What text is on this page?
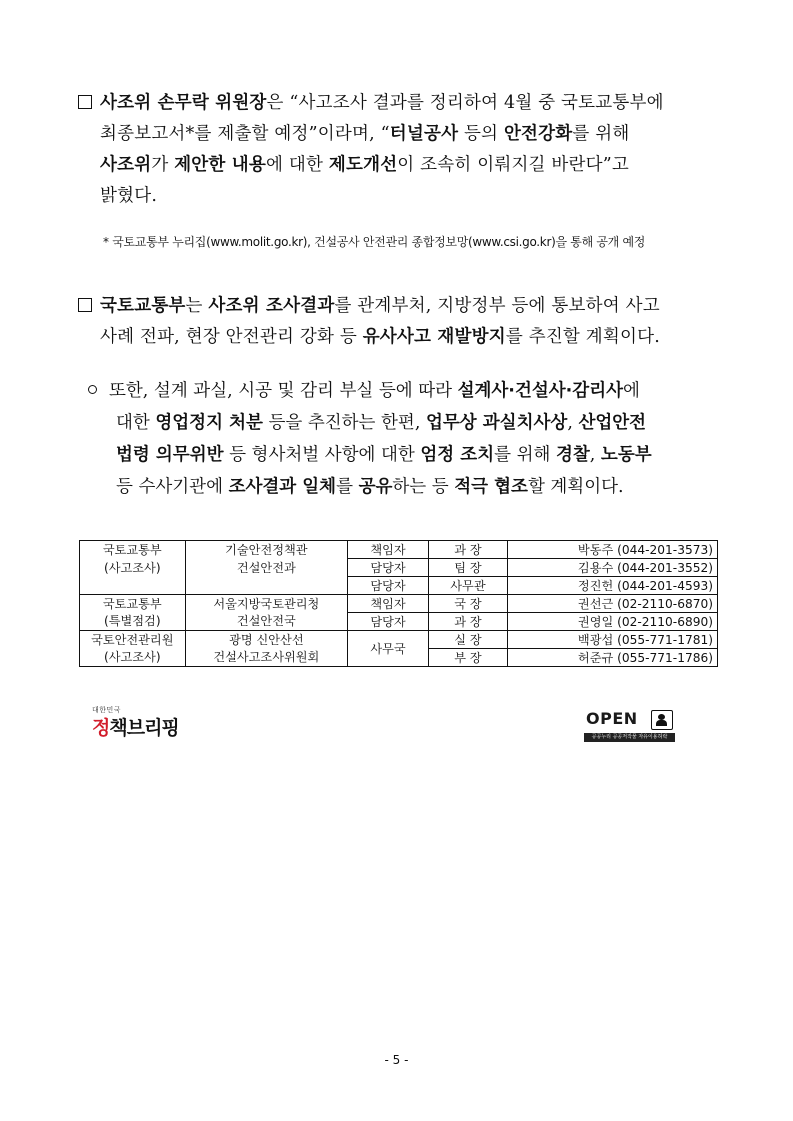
사조위 손무락 위원장은 “사고조사 결과를 정리하여 4월 중 국토교통부에
최종보고서*를 제출할 예정”이라며, “터널공사 등의 안전강화를 위해
사조위가 제안한 내용에 대한 제도개선이 조속히 이뤄지길 바란다”고
밝혔다.
* 국토교통부 누리집(www.molit.go.kr), 건설공사 안전관리 종합정보망(www.csi.go.kr)을 통해 공개 예정
국토교통부는 사조위 조사결과를 관계부처, 지방정부 등에 통보하여 사고
사례 전파, 현장 안전관리 강화 등 유사사고 재발방지를 추진할 계획이다.
또한, 설계 과실, 시공 및 감리 부실 등에 따라 설계사·건설사·감리사에
대한 영업정지 처분 등을 추진하는 한편, 업무상 과실치사상, 산업안전
법령 의무위반 등 형사처벌 사항에 대한 엄정 조치를 위해 경찰, 노동부
등 수사기관에 조사결과 일체를 공유하는 등 적극 협조할 계획이다.
국토교통부	기술안전정책관	책임자	과 장	박동주 (044-201-3573)
(사고조사)	건설안전과	담당자	팀 장	김용수 (044-201-3552)
		담당자	사무관	정진헌 (044-201-4593)
국토교통부	서울지방국토관리청	책임자	국 장	권선근 (02-2110-6870)
(특별점검)	건설안전국	담당자	과 장	권영일 (02-2110-6890)
국토안전관리원	광명 신안산선	사무국	실 장	백광섭 (055-771-1781)
(사고조사)	건설사고조사위원회		부 장	허준규 (055-771-1786)
대한민국
정책브리핑	OPEN
공공누리 공공저작물 자유이용허락
- 5 -
